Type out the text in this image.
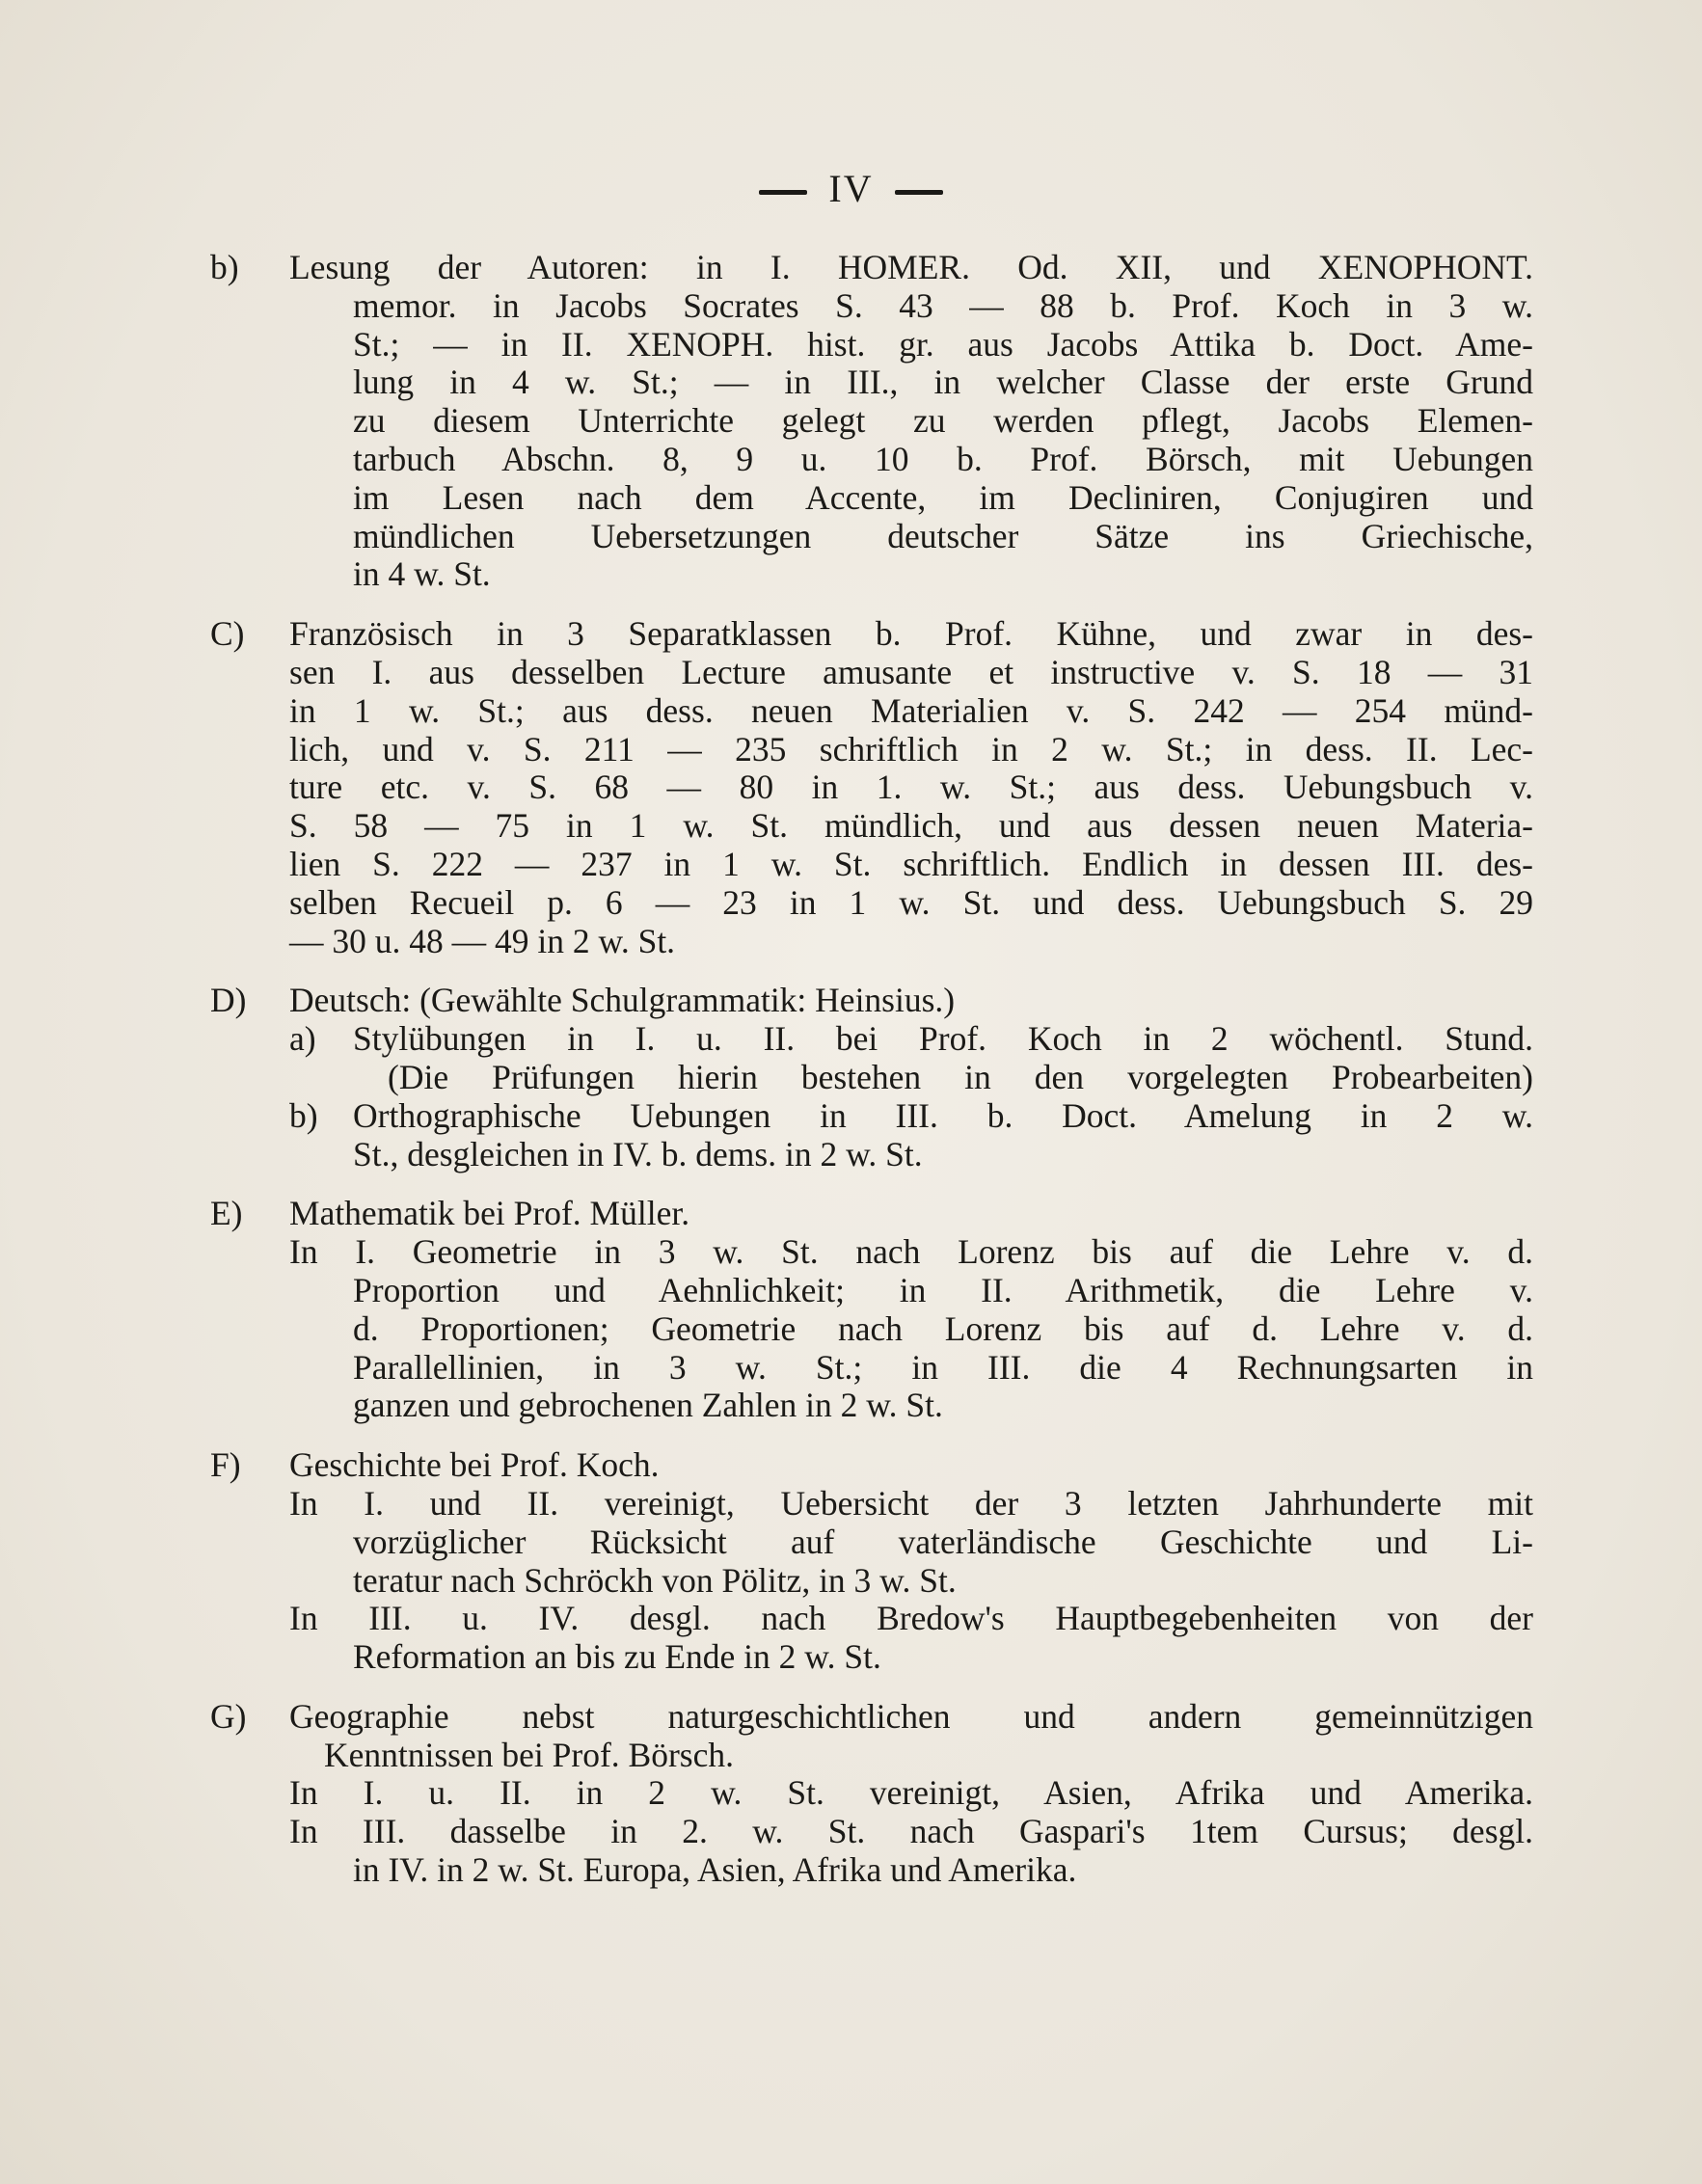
IV
b) Lesung der Autoren: in I. HOMER. Od. XII, und XENOPHONT.
memor. in Jacobs Socrates S. 43 — 88 b. Prof. Koch in 3 w.
St.; — in II. XENOPH. hist. gr. aus Jacobs Attika b. Doct. Ame-
lung in 4 w. St.; — in III., in welcher Classe der erste Grund
zu diesem Unterrichte gelegt zu werden pflegt, Jacobs Elemen-
tarbuch Abschn. 8, 9 u. 10 b. Prof. Börsch, mit Uebungen
im Lesen nach dem Accente, im Decliniren, Conjugiren und
mündlichen Uebersetzungen deutscher Sätze ins Griechische,
in 4 w. St.
C) Französisch in 3 Separatklassen b. Prof. Kühne, und zwar in des-
sen I. aus desselben Lecture amusante et instructive v. S. 18 — 31
in 1 w. St.; aus dess. neuen Materialien v. S. 242 — 254 münd-
lich, und v. S. 211 — 235 schriftlich in 2 w. St.; in dess. II. Lec-
ture etc. v. S. 68 — 80 in 1. w. St.; aus dess. Uebungsbuch v.
S. 58 — 75 in 1 w. St. mündlich, und aus dessen neuen Materia-
lien S. 222 — 237 in 1 w. St. schriftlich. Endlich in dessen III. des-
selben Recueil p. 6 — 23 in 1 w. St. und dess. Uebungsbuch S. 29
— 30 u. 48 — 49 in 2 w. St.
D) Deutsch: (Gewählte Schulgrammatik: Heinsius.)
a) Stylübungen in I. u. II. bei Prof. Koch in 2 wöchentl. Stund.
(Die Prüfungen hierin bestehen in den vorgelegten Probearbeiten)
b) Orthographische Uebungen in III. b. Doct. Amelung in 2 w.
St., desgleichen in IV. b. dems. in 2 w. St.
E) Mathematik bei Prof. Müller.
In I. Geometrie in 3 w. St. nach Lorenz bis auf die Lehre v. d.
Proportion und Aehnlichkeit; in II. Arithmetik, die Lehre v.
d. Proportionen; Geometrie nach Lorenz bis auf d. Lehre v. d.
Parallellinien, in 3 w. St.; in III. die 4 Rechnungsarten in
ganzen und gebrochenen Zahlen in 2 w. St.
F) Geschichte bei Prof. Koch.
In I. und II. vereinigt, Uebersicht der 3 letzten Jahrhunderte mit
vorzüglicher Rücksicht auf vaterländische Geschichte und Li-
teratur nach Schröckh von Pölitz, in 3 w. St.
In III. u. IV. desgl. nach Bredow's Hauptbegebenheiten von der
Reformation an bis zu Ende in 2 w. St.
G) Geographie nebst naturgeschichtlichen und andern gemeinnützigen
Kenntnissen bei Prof. Börsch.
In I. u. II. in 2 w. St. vereinigt, Asien, Afrika und Amerika.
In III. dasselbe in 2. w. St. nach Gaspari's 1tem Cursus; desgl.
in IV. in 2 w. St. Europa, Asien, Afrika und Amerika.
